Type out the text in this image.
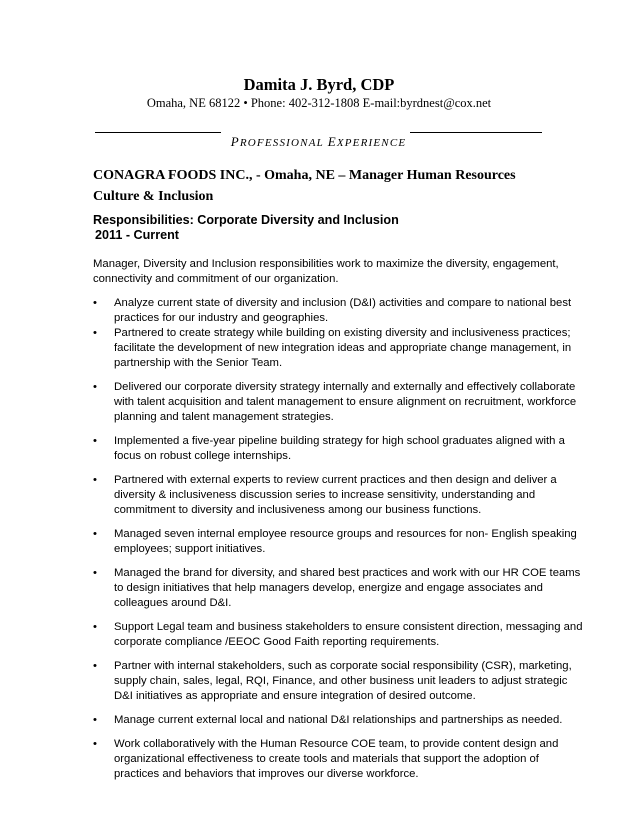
Damita J. Byrd, CDP
Omaha, NE 68122 • Phone: 402-312-1808 E-mail:byrdnest@cox.net
PROFESSIONAL EXPERIENCE
CONAGRA FOODS INC., - Omaha, NE – Manager Human Resources Culture & Inclusion
Responsibilities: Corporate Diversity and Inclusion
2011 - Current

Manager, Diversity and Inclusion responsibilities work to maximize the diversity, engagement, connectivity and commitment of our organization.

• Analyze current state of diversity and inclusion (D&I) activities and compare to national best practices for our industry and geographies.
• Partnered to create strategy while building on existing diversity and inclusiveness practices; facilitate the development of new integration ideas and appropriate change management, in partnership with the Senior Team.
• Delivered our corporate diversity strategy internally and externally and effectively collaborate with talent acquisition and talent management to ensure alignment on recruitment, workforce planning and talent management strategies.
• Implemented a five-year pipeline building strategy for high school graduates aligned with a focus on robust college internships.
• Partnered with external experts to review current practices and then design and deliver a diversity & inclusiveness discussion series to increase sensitivity, understanding and commitment to diversity and inclusiveness among our business functions.
• Managed seven internal employee resource groups and resources for non- English speaking employees; support initiatives.
• Managed the brand for diversity, and shared best practices and work with our HR COE teams to design initiatives that help managers develop, energize and engage associates and colleagues around D&I.
• Support Legal team and business stakeholders to ensure consistent direction, messaging and corporate compliance /EEOC Good Faith reporting requirements.
• Partner with internal stakeholders, such as corporate social responsibility (CSR), marketing, supply chain, sales, legal, RQI, Finance, and other business unit leaders to adjust strategic D&I initiatives as appropriate and ensure integration of desired outcome.
• Manage current external local and national D&I relationships and partnerships as needed.
• Work collaboratively with the Human Resource COE team, to provide content design and organizational effectiveness to create tools and materials that support the adoption of practices and behaviors that improves our diverse workforce.
